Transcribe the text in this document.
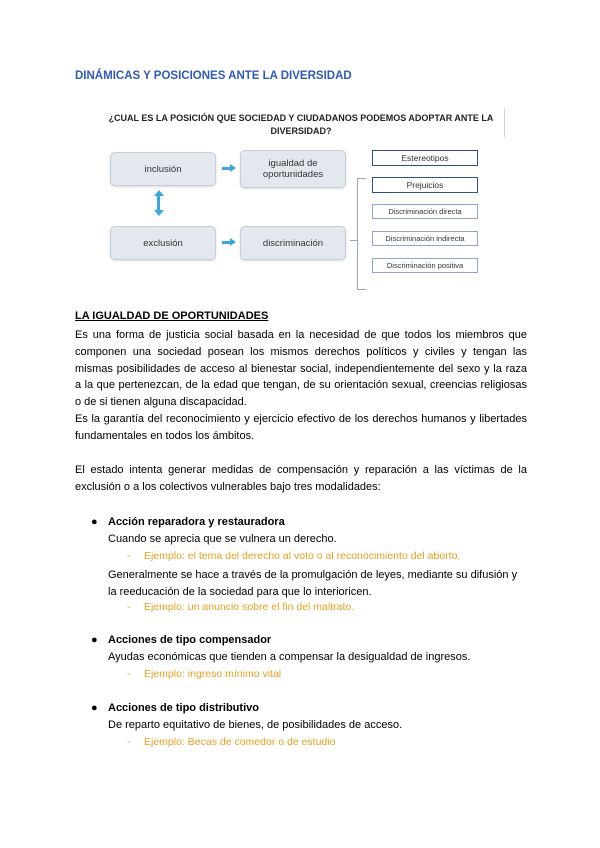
DINÁMICAS Y POSICIONES ANTE LA DIVERSIDAD
¿CUAL ES LA POSICIÓN QUE SOCIEDAD Y CIUDADANOS PODEMOS ADOPTAR ANTE LA
DIVERSIDAD?
inclusión	igualdad de oportunidades
exclusión	discriminación
Estereotipos
Prejuicios
Discriminación directa
Discriminación indirecta
Discriminación positiva
LA IGUALDAD DE OPORTUNIDADES
Es una forma de justicia social basada en la necesidad de que todos los miembros que componen una sociedad posean los mismos derechos políticos y civiles y tengan las mismas posibilidades de acceso al bienestar social, independientemente del sexo y la raza a la que pertenezcan, de la edad que tengan, de su orientación sexual, creencias religiosas o de si tienen alguna discapacidad.
Es la garantía del reconocimiento y ejercicio efectivo de los derechos humanos y libertades fundamentales en todos los ámbitos.
El estado intenta generar medidas de compensación y reparación a las víctimas de la exclusión o a los colectivos vulnerables bajo tres modalidades:
● Acción reparadora y restauradora
Cuando se aprecia que se vulnera un derecho.
- Ejemplo: el tema del derecho al voto o al reconocimiento del aborto.
Generalmente se hace a través de la promulgación de leyes, mediante su difusión y la reeducación de la sociedad para que lo interioricen.
- Ejemplo: un anuncio sobre el fin del maltrato.
● Acciones de tipo compensador
Ayudas económicas que tienden a compensar la desigualdad de ingresos.
- Ejemplo: ingreso mínimo vital
● Acciones de tipo distributivo
De reparto equitativo de bienes, de posibilidades de acceso.
- Ejemplo: Becas de comedor o de estudio
